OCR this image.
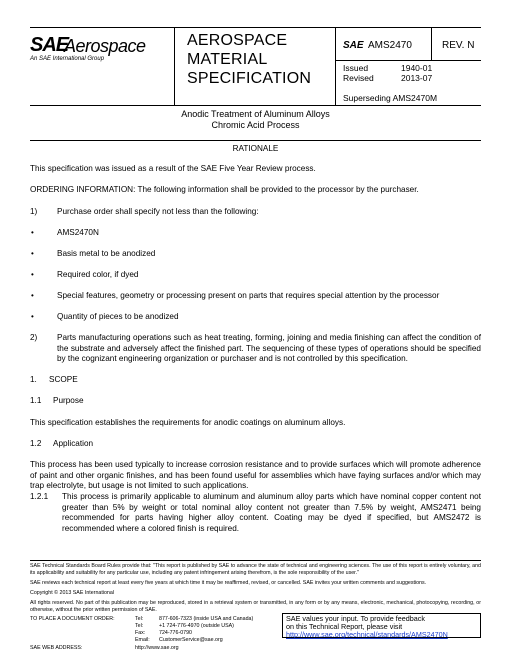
SAE
Aerospace
An SAE International Group
AEROSPACE
MATERIAL
SPECIFICATION
SAE AMS2470	REV. N
Issued	1940-01
Revised	2013-07
Superseding AMS2470M
Anodic Treatment of Aluminum Alloys
Chromic Acid Process
RATIONALE
This specification was issued as a result of the SAE Five Year Review process.
ORDERING INFORMATION: The following information shall be provided to the processor by the purchaser.
1) Purchase order shall specify not less than the following:
•	AMS2470N
•	Basis metal to be anodized
•	Required color, if dyed
•	Special features, geometry or processing present on parts that requires special attention by the processor
•	Quantity of pieces to be anodized
2) Parts manufacturing operations such as heat treating, forming, joining and media finishing can affect the condition of the substrate and adversely affect the finished part. The sequencing of these types of operations should be specified by the cognizant engineering organization or purchaser and is not controlled by this specification.
1. SCOPE
1.1 Purpose
This specification establishes the requirements for anodic coatings on aluminum alloys.
1.2 Application
This process has been used typically to increase corrosion resistance and to provide surfaces which will promote adherence of paint and other organic finishes, and has been found useful for assemblies which have faying surfaces and/or which may trap electrolyte, but usage is not limited to such applications.
1.2.1 This process is primarily applicable to aluminum and aluminum alloy parts which have nominal copper content not greater than 5% by weight or total nominal alloy content not greater than 7.5% by weight, AMS2471 being recommended for parts having higher alloy content. Coating may be dyed if specified, but AMS2472 is recommended where a colored finish is required.
SAE Technical Standards Board Rules provide that: "This report is published by SAE to advance the state of technical and engineering sciences. The use of this report is entirely voluntary, and its applicability and suitability for any particular use, including any patent infringement arising therefrom, is the sole responsibility of the user."
SAE reviews each technical report at least every five years at which time it may be reaffirmed, revised, or cancelled. SAE invites your written comments and suggestions.
Copyright © 2013 SAE International
All rights reserved. No part of this publication may be reproduced, stored in a retrieval system or transmitted, in any form or by any means, electronic, mechanical, photocopying, recording, or otherwise, without the prior written permission of SAE.
TO PLACE A DOCUMENT ORDER:	Tel:	877-606-7323 (inside USA and Canada)
Tel:	+1 724-776-4970 (outside USA)
Fax:	724-776-0790
Email: CustomerService@sae.org
SAE WEB ADDRESS:	http://www.sae.org
SAE values your input. To provide feedback
on this Technical Report, please visit
http://www.sae.org/technical/standards/AMS2470N
